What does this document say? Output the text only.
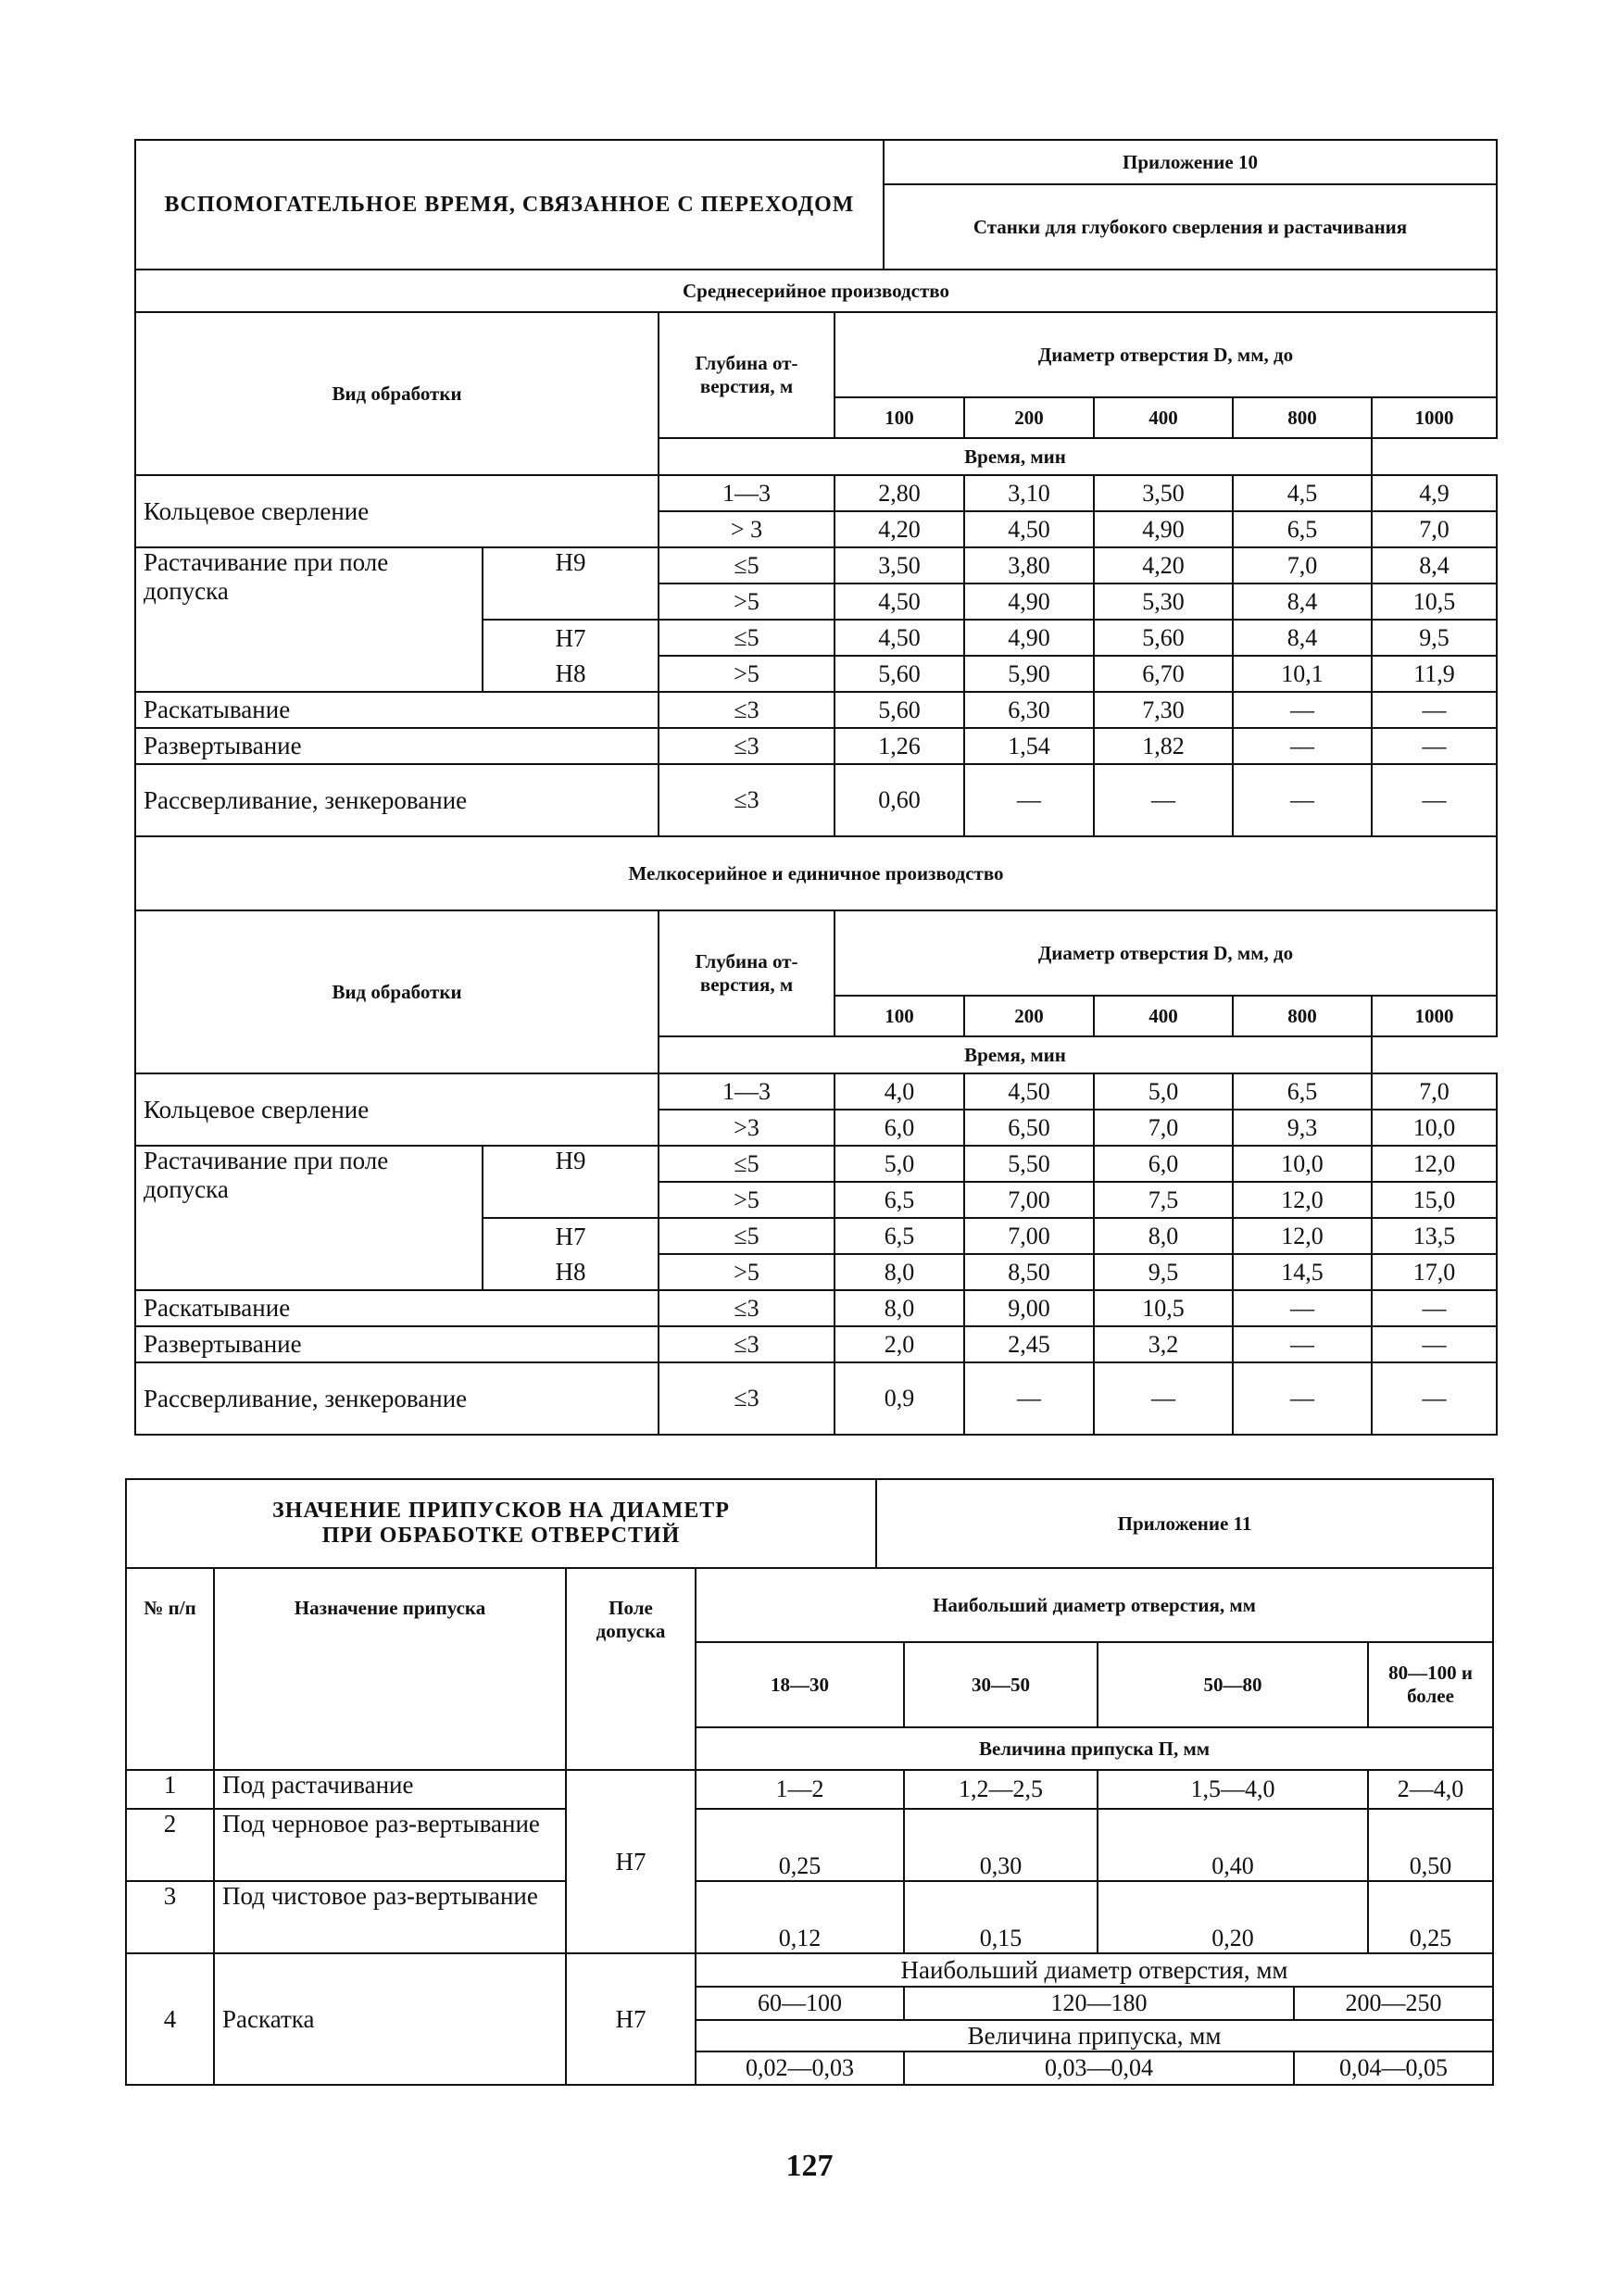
ВСПОМОГАТЕЛЬНОЕ ВРЕМЯ, СВЯЗАННОЕ С ПЕРЕХОДОМ	Приложение 10
Станки для глубокого сверления и растачивания
Среднесерийное производство							
Вид обработки		Глубина от-верстия, м	Диаметр отверстия D, мм, до				
			100	200	400	800	1000
		Время, мин					
Кольцевое сверление		1—3	2,80	3,10	3,50	4,5	4,9
		> 3	4,20	4,50	4,90	6,5	7,0
Растачивание при поле допуска	H9	≤5	3,50	3,80	4,20	7,0	8,4
		>5	4,50	4,90	5,30	8,4	10,5
	H7	≤5	4,50	4,90	5,60	8,4	9,5
	H8	>5	5,60	5,90	6,70	10,1	11,9
Раскатывание		≤3	5,60	6,30	7,30	—	—
Развертывание		≤3	1,26	1,54	1,82	—	—
Рассверливание, зенкерование		≤3	0,60	—	—	—	—
Мелкосерийное и единичное производство							
Вид обработки		Глубина от-верстия, м	Диаметр отверстия D, мм, до				
			100	200	400	800	1000
		Время, мин					
Кольцевое сверление		1—3	4,0	4,50	5,0	6,5	7,0
		>3	6,0	6,50	7,0	9,3	10,0
Растачивание при поле допуска	H9	≤5	5,0	5,50	6,0	10,0	12,0
		>5	6,5	7,00	7,5	12,0	15,0
	H7	≤5	6,5	7,00	8,0	12,0	13,5
	H8	>5	8,0	8,50	9,5	14,5	17,0
Раскатывание		≤3	8,0	9,00	10,5	—	—
Развертывание		≤3	2,0	2,45	3,2	—	—
Рассверливание, зенкерование		≤3	0,9	—	—	—	—
ЗНАЧЕНИЕ ПРИПУСКОВ НА ДИАМЕТР ПРИ ОБРАБОТКЕ ОТВЕРСТИЙ	Приложение 11
№ п/п	Назначение припуска	Поле допуска	Наибольший диаметр отверстия, мм				
			18—30	30—50	50—80		80—100 и более
			Величина припуска П, мм				
1	Под растачивание	H7	1—2	1,2—2,5	1,5—4,0		2—4,0
2	Под черновое раз-вертывание		0,25	0,30	0,40		0,50
3	Под чистовое раз-вертывание		0,12	0,15	0,20		0,25
4	Раскатка	H7	Наибольший диаметр отверстия, мм				
			60—100	120—180		200—250	
			Величина припуска, мм				
			0,02—0,03	0,03—0,04		0,04—0,05	
127
